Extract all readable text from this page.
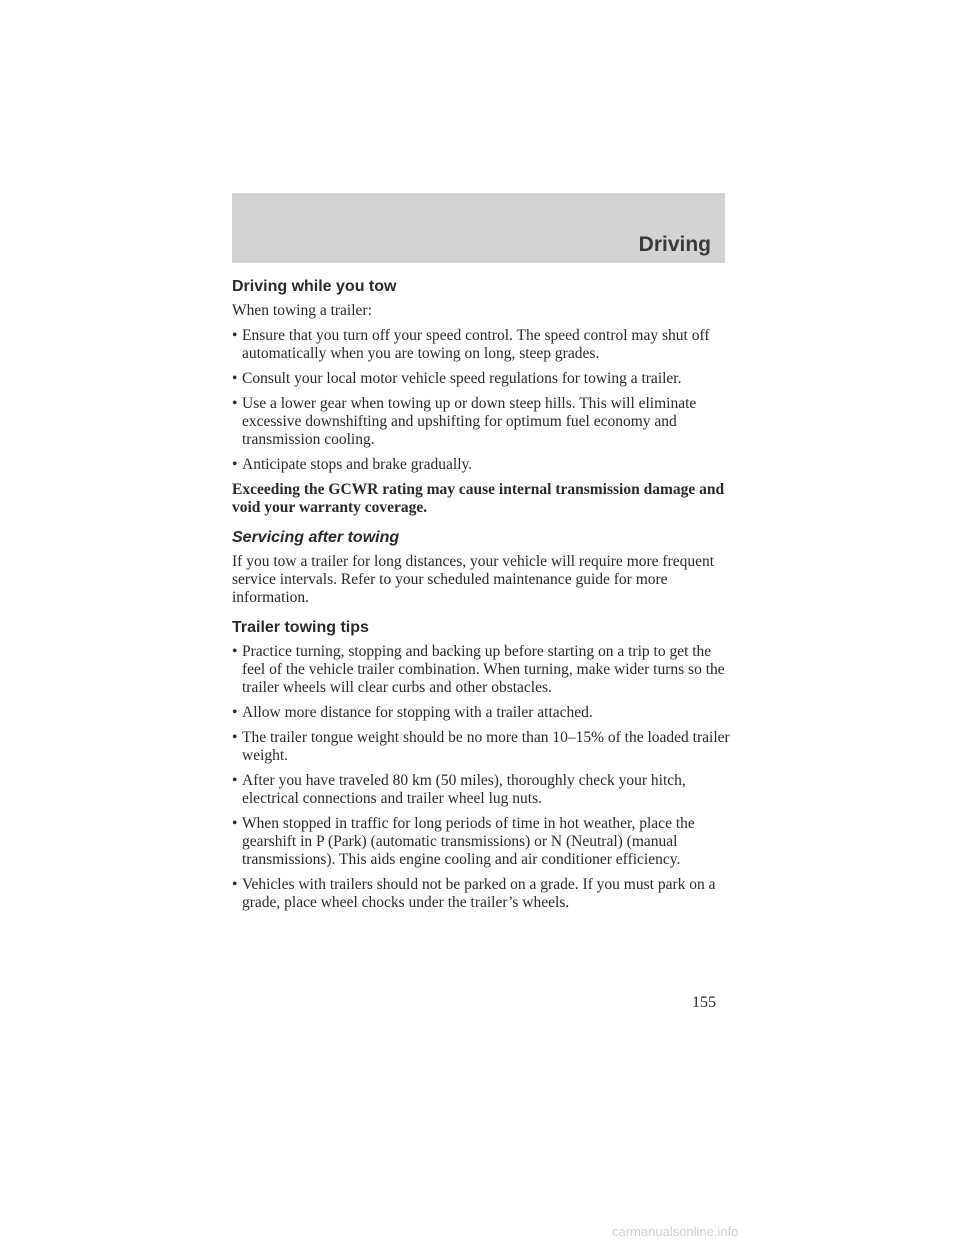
Driving
Driving while you tow

When towing a trailer:

• Ensure that you turn off your speed control. The speed control may shut off automatically when you are towing on long, steep grades.
• Consult your local motor vehicle speed regulations for towing a trailer.
• Use a lower gear when towing up or down steep hills. This will eliminate excessive downshifting and upshifting for optimum fuel economy and transmission cooling.
• Anticipate stops and brake gradually.

Exceeding the GCWR rating may cause internal transmission damage and void your warranty coverage.

Servicing after towing

If you tow a trailer for long distances, your vehicle will require more frequent service intervals. Refer to your scheduled maintenance guide for more information.

Trailer towing tips
• Practice turning, stopping and backing up before starting on a trip to get the feel of the vehicle trailer combination. When turning, make wider turns so the trailer wheels will clear curbs and other obstacles.
• Allow more distance for stopping with a trailer attached.
• The trailer tongue weight should be no more than 10–15% of the loaded trailer weight.
• After you have traveled 80 km (50 miles), thoroughly check your hitch, electrical connections and trailer wheel lug nuts.
• When stopped in traffic for long periods of time in hot weather, place the gearshift in P (Park) (automatic transmissions) or N (Neutral) (manual transmissions). This aids engine cooling and air conditioner efficiency.
• Vehicles with trailers should not be parked on a grade. If you must park on a grade, place wheel chocks under the trailer’s wheels.
155
carmanualsonline.info
